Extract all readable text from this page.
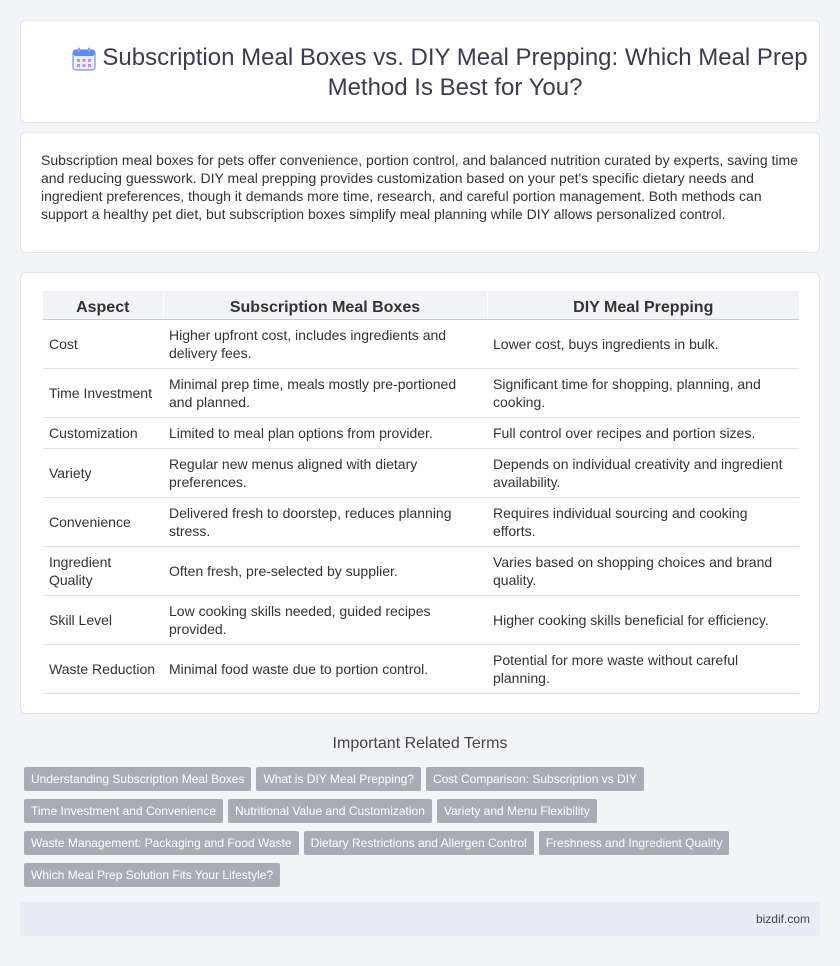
Subscription Meal Boxes vs. DIY Meal Prepping: Which Meal Prep Method Is Best for You?

Subscription meal boxes for pets offer convenience, portion control, and balanced nutrition curated by experts, saving time and reducing guesswork. DIY meal prepping provides customization based on your pet's specific dietary needs and ingredient preferences, though it demands more time, research, and careful portion management. Both methods can support a healthy pet diet, but subscription boxes simplify meal planning while DIY allows personalized control.

Aspect	Subscription Meal Boxes	DIY Meal Prepping
Cost	Higher upfront cost, includes ingredients and delivery fees.	Lower cost, buys ingredients in bulk.
Time Investment	Minimal prep time, meals mostly pre-portioned and planned.	Significant time for shopping, planning, and cooking.
Customization	Limited to meal plan options from provider.	Full control over recipes and portion sizes.
Variety	Regular new menus aligned with dietary preferences.	Depends on individual creativity and ingredient availability.
Convenience	Delivered fresh to doorstep, reduces planning stress.	Requires individual sourcing and cooking efforts.
Ingredient Quality	Often fresh, pre-selected by supplier.	Varies based on shopping choices and brand quality.
Skill Level	Low cooking skills needed, guided recipes provided.	Higher cooking skills beneficial for efficiency.
Waste Reduction	Minimal food waste due to portion control.	Potential for more waste without careful planning.
Important Related Terms
Understanding Subscription Meal Boxes What is DIY Meal Prepping? Cost Comparison: Subscription vs DIY
Time Investment and Convenience Nutritional Value and Customization Variety and Menu Flexibility
Waste Management: Packaging and Food Waste Dietary Restrictions and Allergen Control Freshness and Ingredient Quality
Which Meal Prep Solution Fits Your Lifestyle?
bizdif.com
